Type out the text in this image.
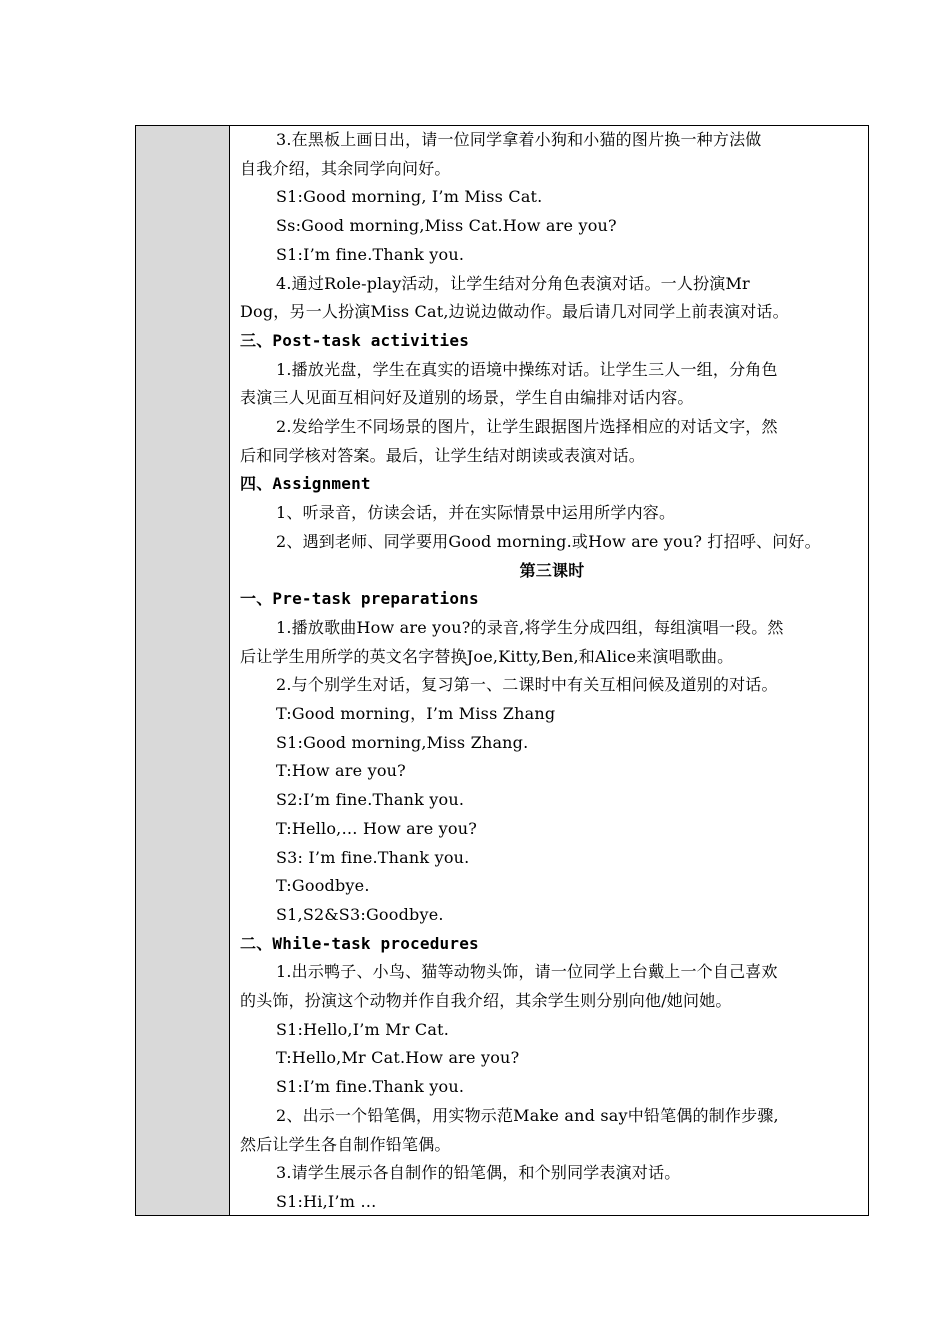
3.在黑板上画日出，请一位同学拿着小狗和小猫的图片换一种方法做
自我介绍，其余同学向问好。
S1:Good morning, I’m Miss Cat.
Ss:Good morning,Miss Cat.How are you?
S1:I’m fine.Thank you.
4.通过Role-play活动，让学生结对分角色表演对话。一人扮演Mr
Dog，另一人扮演Miss Cat,边说边做动作。最后请几对同学上前表演对话。
三、Post-task activities
1.播放光盘，学生在真实的语境中操练对话。让学生三人一组，分角色
表演三人见面互相问好及道别的场景，学生自由编排对话内容。
2.发给学生不同场景的图片，让学生跟据图片选择相应的对话文字，然
后和同学核对答案。最后，让学生结对朗读或表演对话。
四、Assignment
1、听录音，仿读会话，并在实际情景中运用所学内容。
2、遇到老师、同学要用Good morning.或How are you? 打招呼、问好。
第三课时
一、Pre-task preparations
1.播放歌曲How are you?的录音,将学生分成四组，每组演唱一段。然
后让学生用所学的英文名字替换Joe,Kitty,Ben,和Alice来演唱歌曲。
2.与个别学生对话，复习第一、二课时中有关互相问候及道别的对话。
T:Good morning，I’m Miss Zhang
S1:Good morning,Miss Zhang.
T:How are you?
S2:I’m fine.Thank you.
T:Hello,… How are you?
S3: I’m fine.Thank you.
T:Goodbye.
S1,S2&S3:Goodbye.
二、While-task procedures
1.出示鸭子、小鸟、猫等动物头饰，请一位同学上台戴上一个自己喜欢
的头饰，扮演这个动物并作自我介绍，其余学生则分别向他/她问她。
S1:Hello,I’m Mr Cat.
T:Hello,Mr Cat.How are you?
S1:I’m fine.Thank you.
2、出示一个铅笔偶，用实物示范Make and say中铅笔偶的制作步骤,
然后让学生各自制作铅笔偶。
3.请学生展示各自制作的铅笔偶，和个别同学表演对话。
S1:Hi,I’m …
